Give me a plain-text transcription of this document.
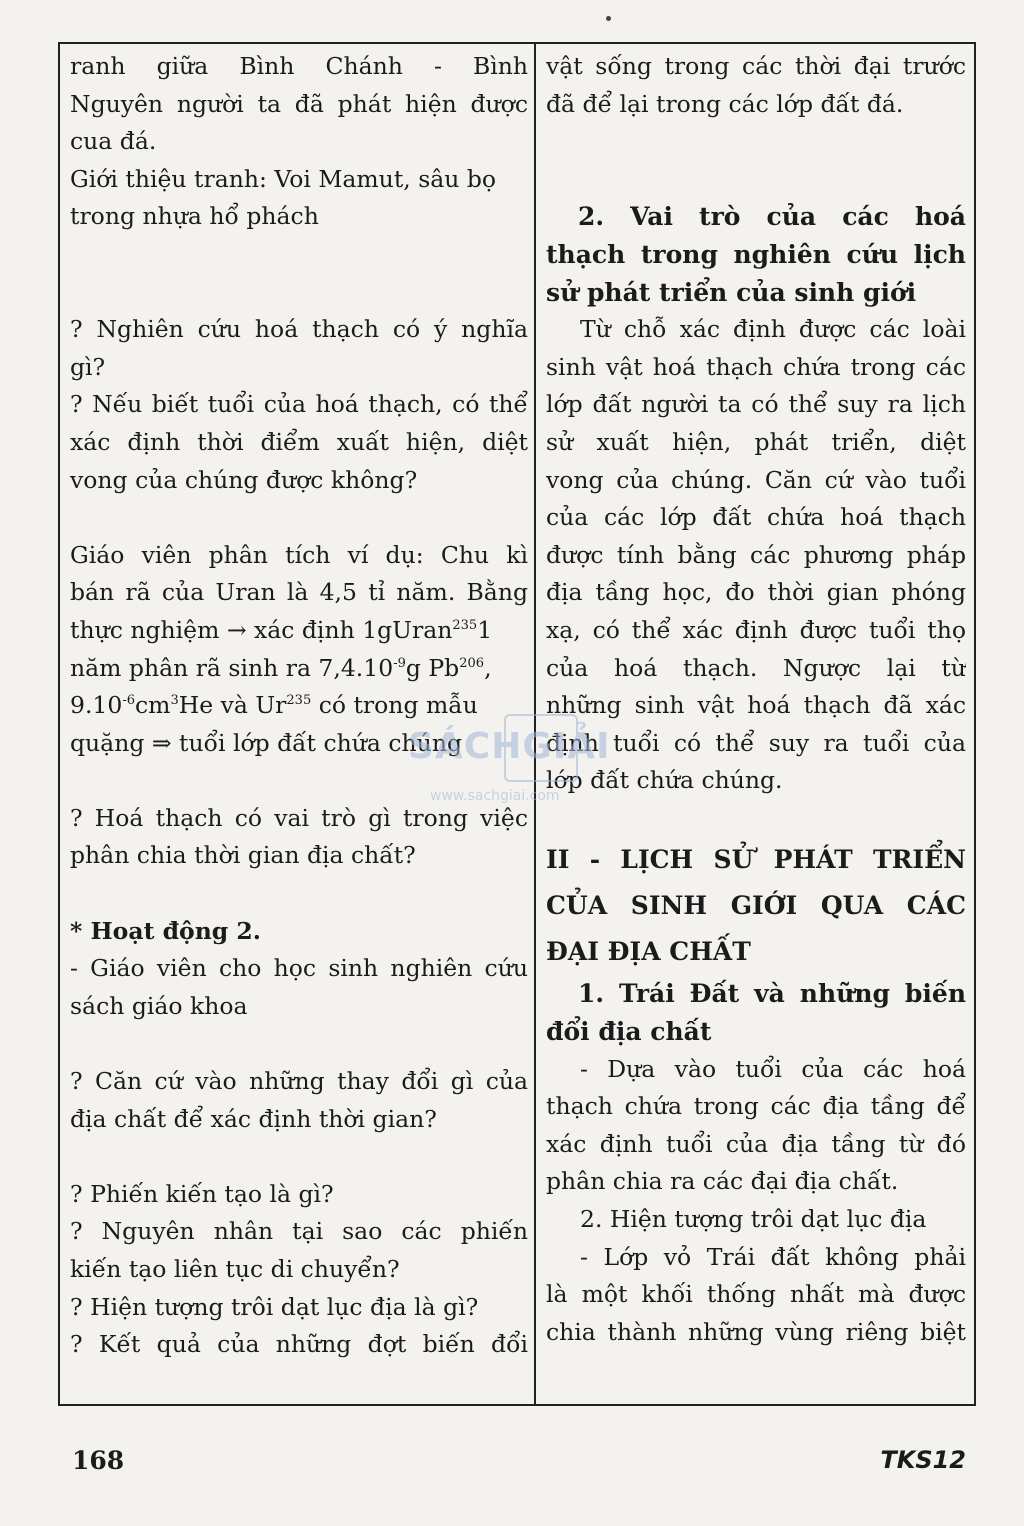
ranh giữa Bình Chánh - Bình
Nguyên người ta đã phát hiện được
cua đá.
Giới thiệu tranh: Voi Mamut, sâu bọ
trong nhựa hổ phách
? Nghiên cứu hoá thạch có ý nghĩa
gì?
? Nếu biết tuổi của hoá thạch, có thể
xác định thời điểm xuất hiện, diệt
vong của chúng được không?
Giáo viên phân tích ví dụ: Chu kì
bán rã của Uran là 4,5 tỉ năm. Bằng
thực nghiệm → xác định 1gUran$^{235}$1
năm phân rã sinh ra $7,4.10^{-9}g$ Pb$^{206}$,
$9.10^{-6}cm^3He$ và Ur$^{235}$ có trong mẫu
quặng ⇒ tuổi lớp đất chứa chúng
? Hoá thạch có vai trò gì trong việc
phân chia thời gian địa chất?
* Hoạt động 2.
- Giáo viên cho học sinh nghiên cứu
sách giáo khoa
? Căn cứ vào những thay đổi gì của
địa chất để xác định thời gian?
? Phiến kiến tạo là gì?
? Nguyên nhân tại sao các phiến
kiến tạo liên tục di chuyển?
? Hiện tượng trôi dạt lục địa là gì?
? Kết quả của những đợt biến đổi
vật sống trong các thời đại trước
đã để lại trong các lớp đất đá.
2. Vai trò của các hoá
thạch trong nghiên cứu lịch
sử phát triển của sinh giới
Từ chỗ xác định được các loài
sinh vật hoá thạch chứa trong các
lớp đất người ta có thể suy ra lịch
sử xuất hiện, phát triển, diệt
vong của chúng. Căn cứ vào tuổi
của các lớp đất chứa hoá thạch
được tính bằng các phương pháp
địa tầng học, đo thời gian phóng
xạ, có thể xác định được tuổi thọ
của hoá thạch. Ngược lại từ
những sinh vật hoá thạch đã xác
định tuổi có thể suy ra tuổi của
lớp đất chứa chúng.
II - LỊCH SỬ PHÁT TRIỂN
CỦA SINH GIỚI QUA CÁC
ĐẠI ĐỊA CHẤT
1. Trái Đất và những biến
đổi địa chất
- Dựa vào tuổi của các hoá
thạch chứa trong các địa tầng để
xác định tuổi của địa tầng từ đó
phân chia ra các đại địa chất.
2. Hiện tượng trôi dạt lục địa
- Lớp vỏ Trái đất không phải
là một khối thống nhất mà được
chia thành những vùng riêng biệt
SÁCHGIẢI
www.sachgiai.com
168	TKS12
